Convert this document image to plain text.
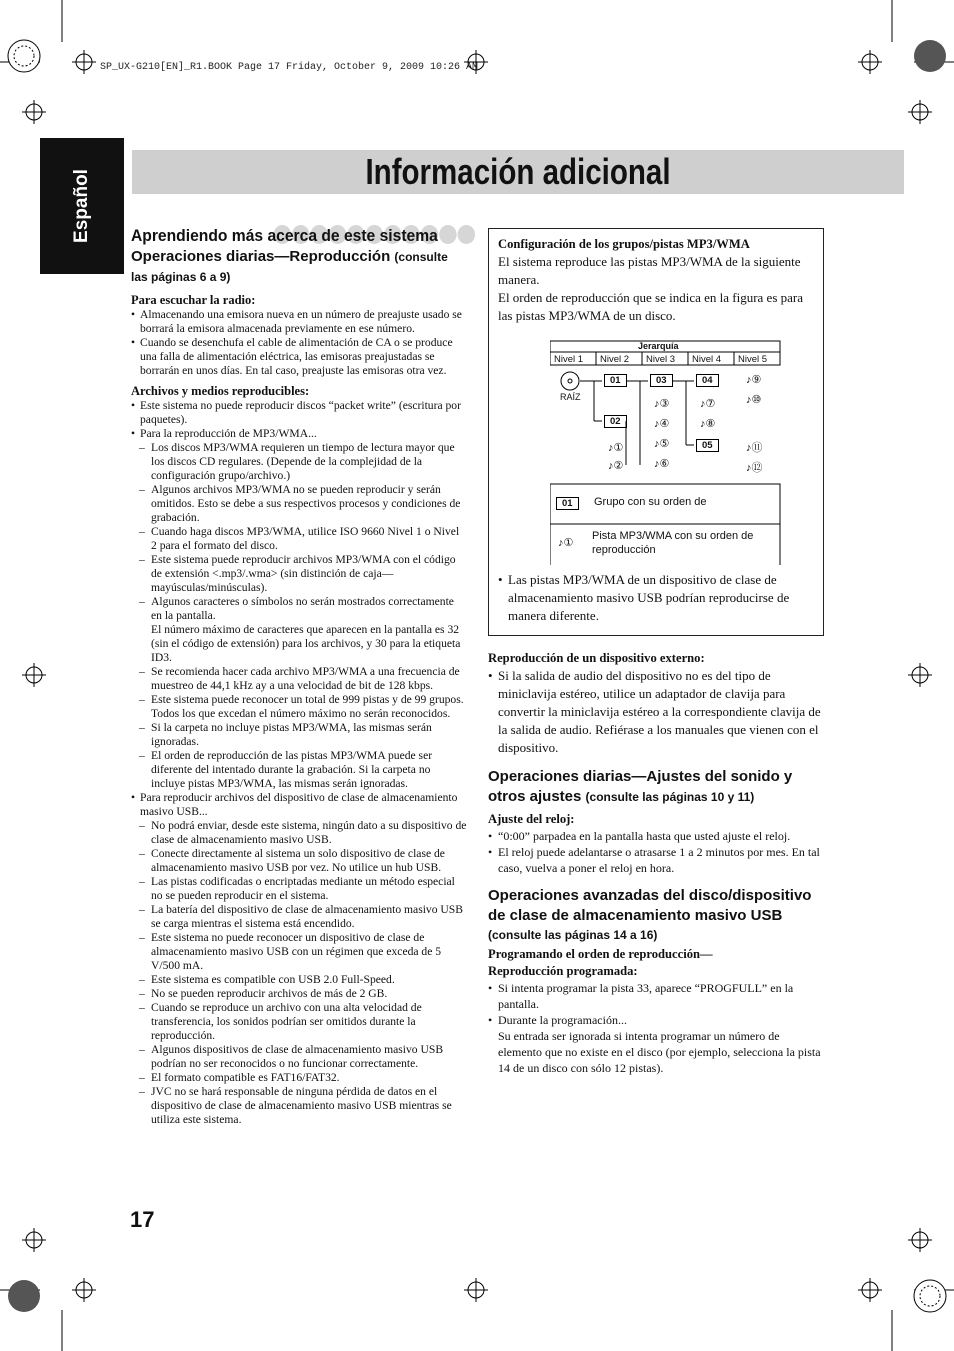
SP_UX-G210[EN]_R1.BOOK Page 17 Friday, October 9, 2009 10:26 AM
Español	Información adicional
Aprendiendo más acerca de este sistema
Operaciones diarias—Reproducción (consulte las páginas 6 a 9)
Para escuchar la radio:
• Almacenando una emisora nueva en un número de preajuste usado se borrará la emisora almacenada previamente en ese número.
• Cuando se desenchufa el cable de alimentación de CA o se produce una falla de alimentación eléctrica, las emisoras preajustadas se borrarán en unos días. En tal caso, preajuste las emisoras otra vez.
Archivos y medios reproducibles:
• Este sistema no puede reproducir discos “packet write” (escritura por paquetes).
• Para la reproducción de MP3/WMA...
– Los discos MP3/WMA requieren un tiempo de lectura mayor que los discos CD regulares. (Depende de la complejidad de la configuración grupo/archivo.)
– Algunos archivos MP3/WMA no se pueden reproducir y serán omitidos. Esto se debe a sus respectivos procesos y condiciones de grabación.
– Cuando haga discos MP3/WMA, utilice ISO 9660 Nivel 1 o Nivel 2 para el formato del disco.
– Este sistema puede reproducir archivos MP3/WMA con el código de extensión <.mp3/.wma> (sin distinción de caja—mayúsculas/minúsculas).
– Algunos caracteres o símbolos no serán mostrados correctamente en la pantalla.
El número máximo de caracteres que aparecen en la pantalla es 32 (sin el código de extensión) para los archivos, y 30 para la etiqueta ID3.
– Se recomienda hacer cada archivo MP3/WMA a una frecuencia de muestreo de 44,1 kHz ay a una velocidad de bit de 128 kbps.
– Este sistema puede reconocer un total de 999 pistas y de 99 grupos. Todos los que excedan el número máximo no serán reconocidos.
– Si la carpeta no incluye pistas MP3/WMA, las mismas serán ignoradas.
– El orden de reproducción de las pistas MP3/WMA puede ser diferente del intentado durante la grabación. Si la carpeta no incluye pistas MP3/WMA, las mismas serán ignoradas.
• Para reproducir archivos del dispositivo de clase de almacenamiento masivo USB...
– No podrá enviar, desde este sistema, ningún dato a su dispositivo de clase de almacenamiento masivo USB.
– Conecte directamente al sistema un solo dispositivo de clase de almacenamiento masivo USB por vez. No utilice un hub USB.
– Las pistas codificadas o encriptadas mediante un método especial no se pueden reproducir en el sistema.
– La batería del dispositivo de clase de almacenamiento masivo USB se carga mientras el sistema está encendido.
– Este sistema no puede reconocer un dispositivo de clase de almacenamiento masivo USB con un régimen que exceda de 5 V/500 mA.
– Este sistema es compatible con USB 2.0 Full-Speed.
– No se pueden reproducir archivos de más de 2 GB.
– Cuando se reproduce un archivo con una alta velocidad de transferencia, los sonidos podrían ser omitidos durante la reproducción.
– Algunos dispositivos de clase de almacenamiento masivo USB podrían no ser reconocidos o no funcionar correctamente.
– El formato compatible es FAT16/FAT32.
– JVC no se hará responsable de ninguna pérdida de datos en el dispositivo de clase de almacenamiento masivo USB mientras se utiliza este sistema.
Configuración de los grupos/pistas MP3/WMA

El sistema reproduce las pistas MP3/WMA de la siguiente manera.

El orden de reproducción que se indica en la figura es para las pistas MP3/WMA de un disco.

Jerarquía
Nivel 1 Nivel 2 Nivel 3 Nivel 4 Nivel 5
RAÍZ
01
02
03	04
05
♪①
♪②
♪③
♪④
♪⑤
♪⑥
♪⑦
♪⑧
♪⑨
♪⑩
♪⑪
♪⑫
01	Grupo con su orden de
♪①
Pista MP3/WMA con su orden de reproducción
• Las pistas MP3/WMA de un dispositivo de clase de almacenamiento masivo USB podrían reproducirse de manera diferente.
Reproducción de un dispositivo externo:
• Si la salida de audio del dispositivo no es del tipo de miniclavija estéreo, utilice un adaptador de clavija para convertir la miniclavija estéreo a la correspondiente clavija de la salida de audio. Refiérase a los manuales que vienen con el dispositivo.
Operaciones diarias—Ajustes del sonido y otros ajustes (consulte las páginas 10 y 11)
Ajuste del reloj:
• “0:00” parpadea en la pantalla hasta que usted ajuste el reloj.
• El reloj puede adelantarse o atrasarse 1 a 2 minutos por mes. En tal caso, vuelva a poner el reloj en hora.
Operaciones avanzadas del disco/dispositivo de clase de almacenamiento masivo USB
(consulte las páginas 14 a 16)
Programando el orden de reproducción—
Reproducción programada:
• Si intenta programar la pista 33, aparece “PROGFULL” en la pantalla.
• Durante la programación...
Su entrada ser ignorada si intenta programar un número de elemento que no existe en el disco (por ejemplo, selecciona la pista 14 de un disco con sólo 12 pistas).
17
